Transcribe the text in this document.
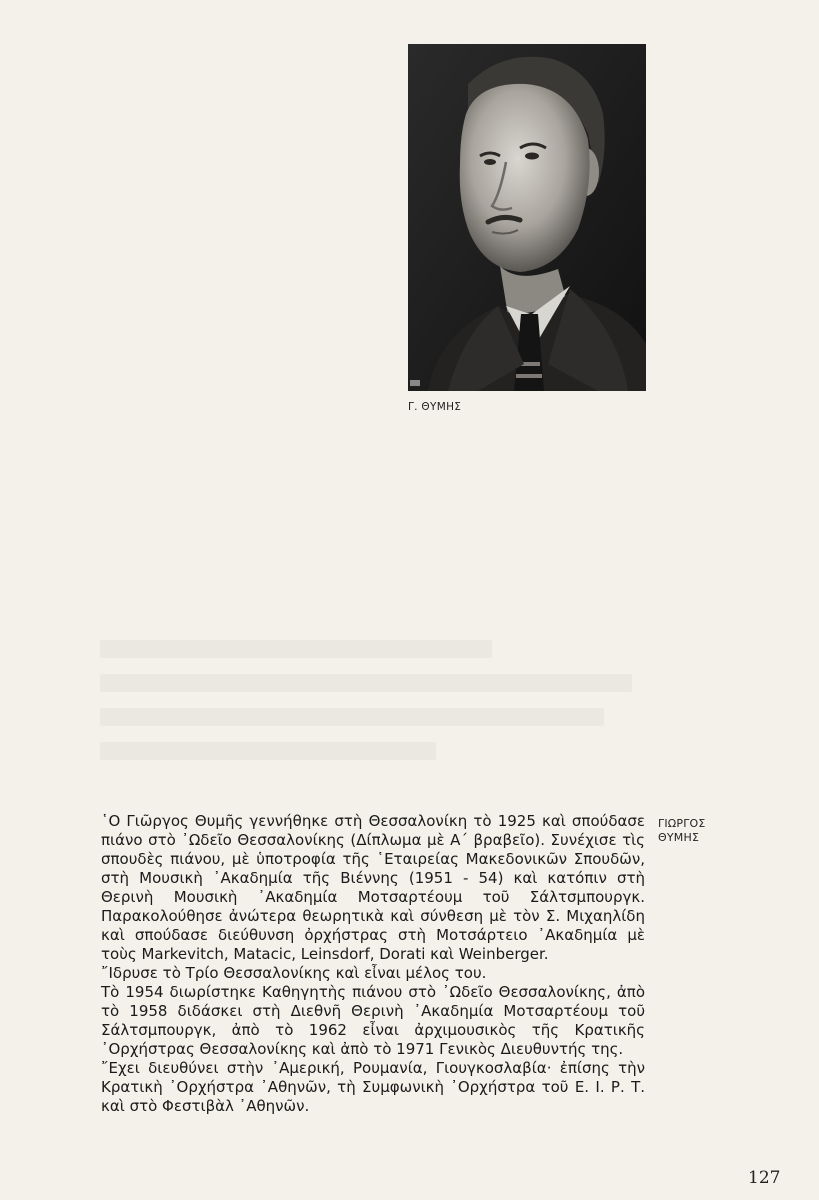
Γ. ΘΥΜΗΣ
ΓΙΩΡΓΟΣ
ΘΥΜΗΣ

῾Ο Γιῶργος Θυμῆς γεννήθηκε στὴ Θεσσαλονίκη τὸ 1925 καὶ σπούδασε πιάνο στὸ ᾿Ωδεῖο Θεσσαλονίκης (Δίπλωμα μὲ Α΄ βραβεῖο). Συνέχισε τὶς σπουδὲς πιάνου, μὲ ὑποτροφία τῆς ῾Εταιρείας Μακεδονικῶν Σπουδῶν, στὴ Μουσικὴ ᾿Ακαδημία τῆς Βιέννης (1951 - 54) καὶ κατόπιν στὴ Θερινὴ Μουσικὴ ᾿Ακαδημία Μοτσαρτέουμ τοῦ Σάλτσμπουργκ. Παρακολούθησε ἀνώτερα θεωρητικὰ καὶ σύνθεση μὲ τὸν Σ. Μιχαηλίδη καὶ σπούδασε διεύθυνση ὀρχήστρας στὴ Μοτσάρτειο ᾿Ακαδημία μὲ τοὺς Markevitch, Matacic, Leinsdorf, Dorati καὶ Weinberger.

῎Ιδρυσε τὸ Τρίο Θεσσαλονίκης καὶ εἶναι μέλος του.

Τὸ 1954 διωρίστηκε Καθηγητὴς πιάνου στὸ ᾿Ωδεῖο Θεσσαλονίκης, ἀπὸ τὸ 1958 διδάσκει στὴ Διεθνῆ Θερινὴ ᾿Ακαδημία Μοτσαρτέουμ τοῦ Σάλτσμπουργκ, ἀπὸ τὸ 1962 εἶναι ἀρχιμουσικὸς τῆς Κρατικῆς ᾿Ορχήστρας Θεσσαλονίκης καὶ ἀπὸ τὸ 1971 Γενικὸς Διευθυντής της.

῎Εχει διευθύνει στὴν ᾿Αμερική, Ρουμανία, Γιουγκοσλαβία· ἐπίσης τὴν Κρατικὴ ᾿Ορχήστρα ᾿Αθηνῶν, τὴ Συμφωνικὴ ᾿Ορχήστρα τοῦ Ε. Ι. Ρ. Τ. καὶ στὸ Φεστιβὰλ ᾿Αθηνῶν.

127
